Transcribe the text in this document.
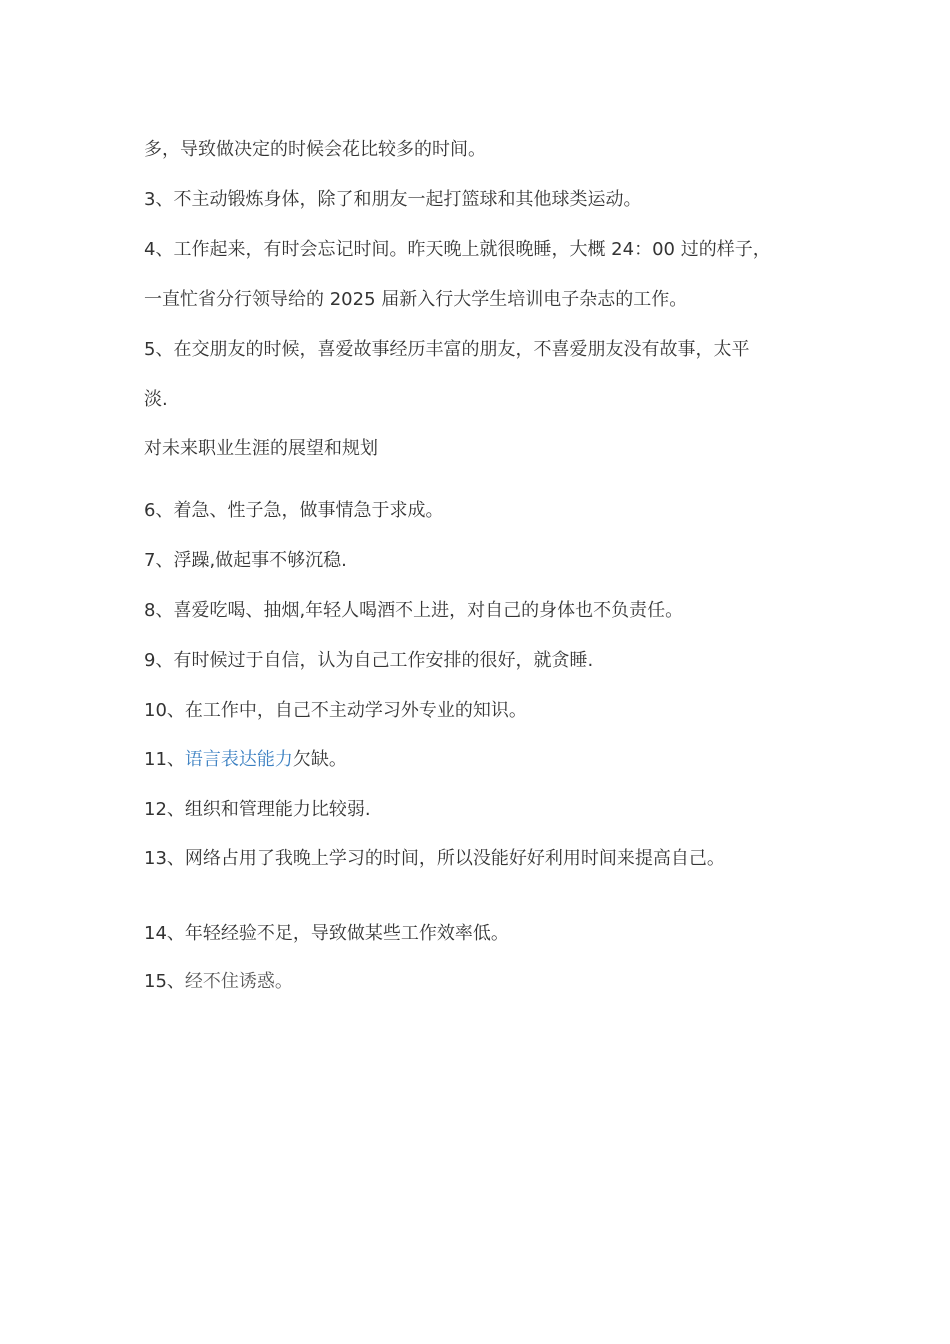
多，导致做决定的时候会花比较多的时间。
3、不主动锻炼身体，除了和朋友一起打篮球和其他球类运动。
4、工作起来，有时会忘记时间。昨天晚上就很晚睡，大概 24：00 过的样子，
一直忙省分行领导给的 2025 届新入行大学生培训电子杂志的工作。
5、在交朋友的时候，喜爱故事经历丰富的朋友，不喜爱朋友没有故事，太平
淡.
对未来职业生涯的展望和规划
6、着急、性子急，做事情急于求成。
7、浮躁,做起事不够沉稳.
8、喜爱吃喝、抽烟,年轻人喝酒不上进，对自己的身体也不负责任。
9、有时候过于自信，认为自己工作安排的很好，就贪睡.
10、在工作中，自己不主动学习外专业的知识。
11、语言表达能力欠缺。
12、组织和管理能力比较弱.
13、网络占用了我晚上学习的时间，所以没能好好利用时间来提高自己。
14、年轻经验不足，导致做某些工作效率低。
15、经不住诱惑。
